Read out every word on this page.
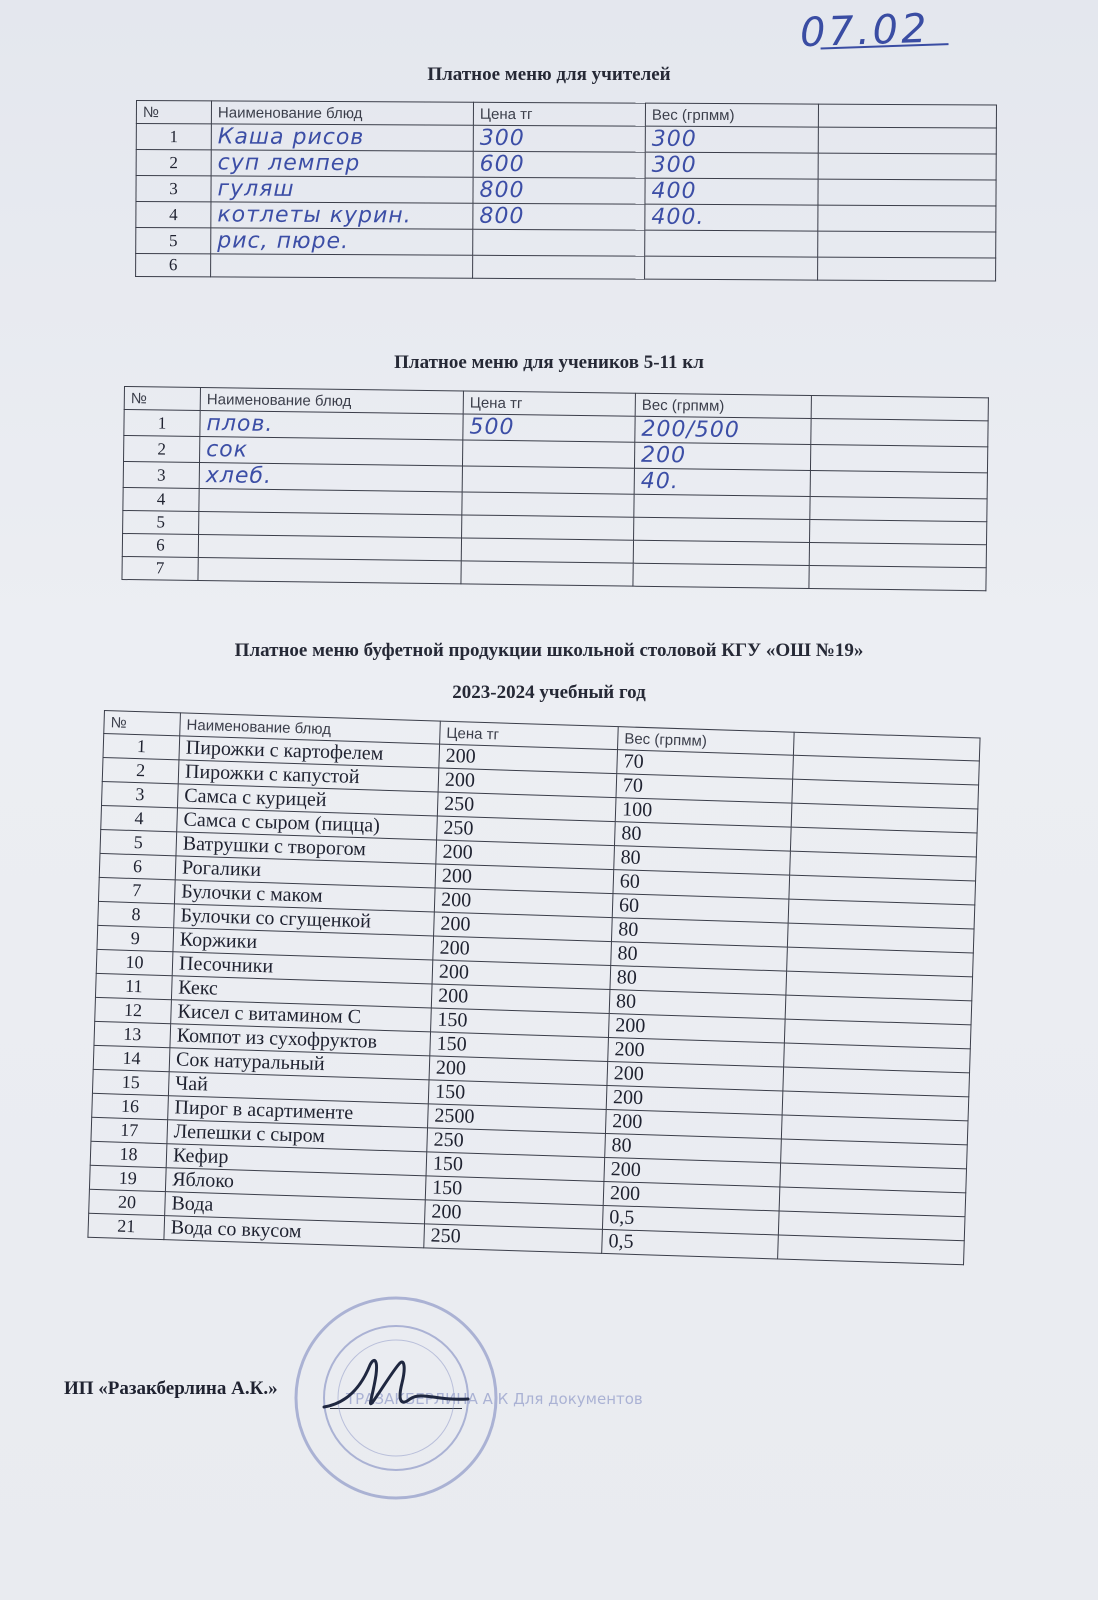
07.02
Платное меню для учителей
№	Наименование блюд	Цена тг	Вес (грпмм)	
1	Каша рисов	300	300	
2	суп лемпер	600	300	
3	гуляш	800	400	
4	котлеты курин.	800	400.	
5	рис, пюре.			
6				
Платное меню для учеников 5-11 кл
№	Наименование блюд	Цена тг	Вес (грпмм)	
1	плов.	500	200/500	
2	сок		200	
3	хлеб.		40.	
4				
5				
6				
7				
Платное меню буфетной продукции школьной столовой КГУ «ОШ №19»
2023-2024 учебный год
№	Наименование блюд	Цена тг	Вес (грпмм)	
1	Пирожки с картофелем	200	70	
2	Пирожки с капустой	200	70	
3	Самса с курицей	250	100	
4	Самса с сыром (пицца)	250	80	
5	Ватрушки с творогом	200	80	
6	Рогалики	200	60	
7	Булочки с маком	200	60	
8	Булочки со сгущенкой	200	80	
9	Коржики	200	80	
10	Песочники	200	80	
11	Кекс	200	80	
12	Кисел с витамином С	150	200	
13	Компот из сухофруктов	150	200	
14	Сок натуральный	200	200	
15	Чай	150	200	
16	Пирог в асартименте	2500	200	
17	Лепешки с сыром	250	80	
18	Кефир	150	200	
19	Яблоко	150	200	
20	Вода	200	0,5	
21	Вода со вкусом	250	0,5	
ИП «Разакберлина А.К.»	ТРАЗАКБЕРЛИНА А.К Для документов
